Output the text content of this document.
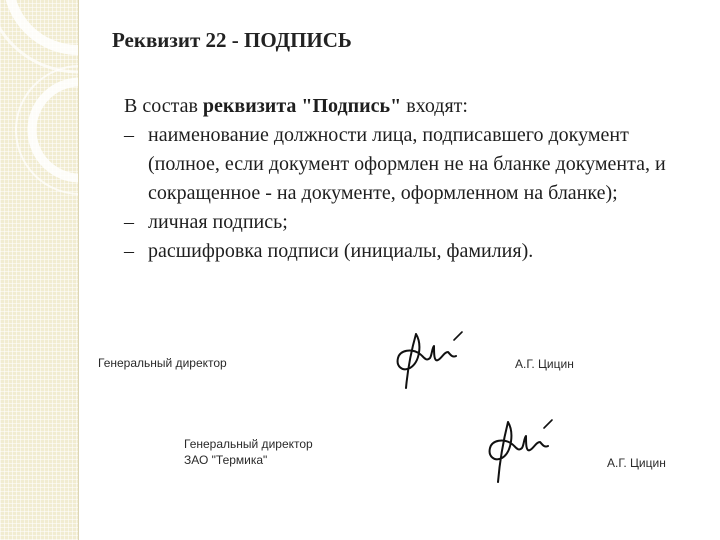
Реквизит 22 - ПОДПИСЬ
В состав реквизита "Подпись" входят:
– наименование должности лица, подписавшего документ (полное, если документ оформлен не на бланке документа, и сокращенное - на документе, оформленном на бланке);
– личная подпись;
– расшифровка подписи (инициалы, фамилия).
Генеральный директор	А.Г. Цицин
Генеральный директор
ЗАО "Термика"	А.Г. Цицин
